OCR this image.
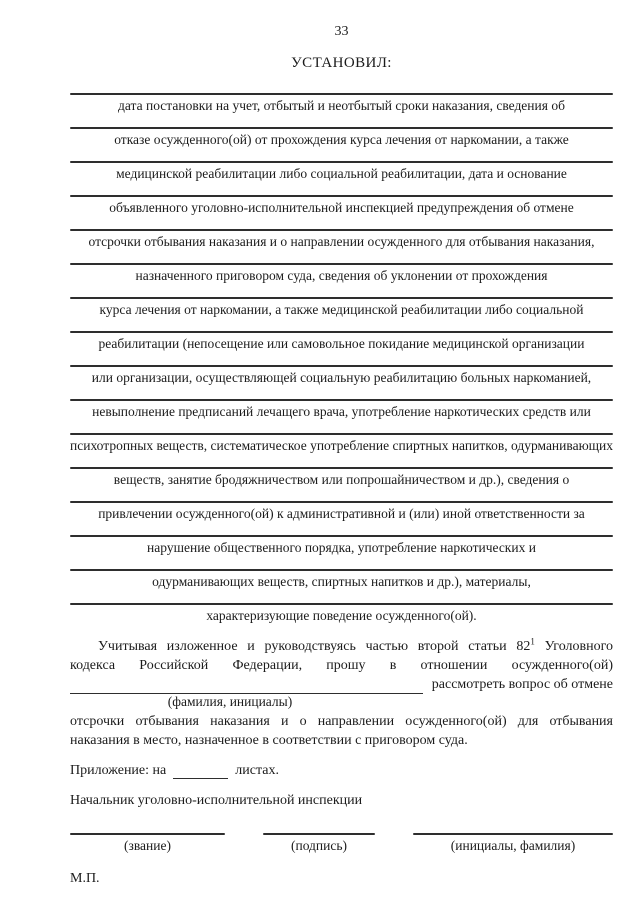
33
УСТАНОВИЛ:
дата постановки на учет, отбытый и неотбытый сроки наказания, сведения об
отказе осужденного(ой) от прохождения курса лечения от наркомании, а также
медицинской реабилитации либо социальной реабилитации, дата и основание
объявленного уголовно-исполнительной инспекцией предупреждения об отмене
отсрочки отбывания наказания и о направлении осужденного для отбывания наказания,
назначенного приговором суда, сведения об уклонении от прохождения
курса лечения от наркомании, а также медицинской реабилитации либо социальной
реабилитации (непосещение или самовольное покидание медицинской организации
или организации, осуществляющей социальную реабилитацию больных наркоманией,
невыполнение предписаний лечащего врача, употребление наркотических средств или
психотропных веществ, систематическое употребление спиртных напитков, одурманивающих
веществ, занятие бродяжничеством или попрошайничеством и др.), сведения о
привлечении осужденного(ой) к административной и (или) иной ответственности за
нарушение общественного порядка, употребление наркотических и
одурманивающих веществ, спиртных напитков и др.), материалы,
характеризующие поведение осужденного(ой).
Учитывая изложенное и руководствуясь частью второй статьи 82$^1$ Уголовного
кодекса Российской Федерации, прошу в отношении осужденного(ой)
рассмотреть вопрос об отмене
(фамилия, инициалы)
отсрочки отбывания наказания и о направлении осужденного(ой) для отбывания
наказания в место, назначенное в соответствии с приговором суда.
Приложение: на	листах.
Начальник уголовно-исполнительной инспекции
(звание)	(подпись)	(инициалы, фамилия)
М.П.
